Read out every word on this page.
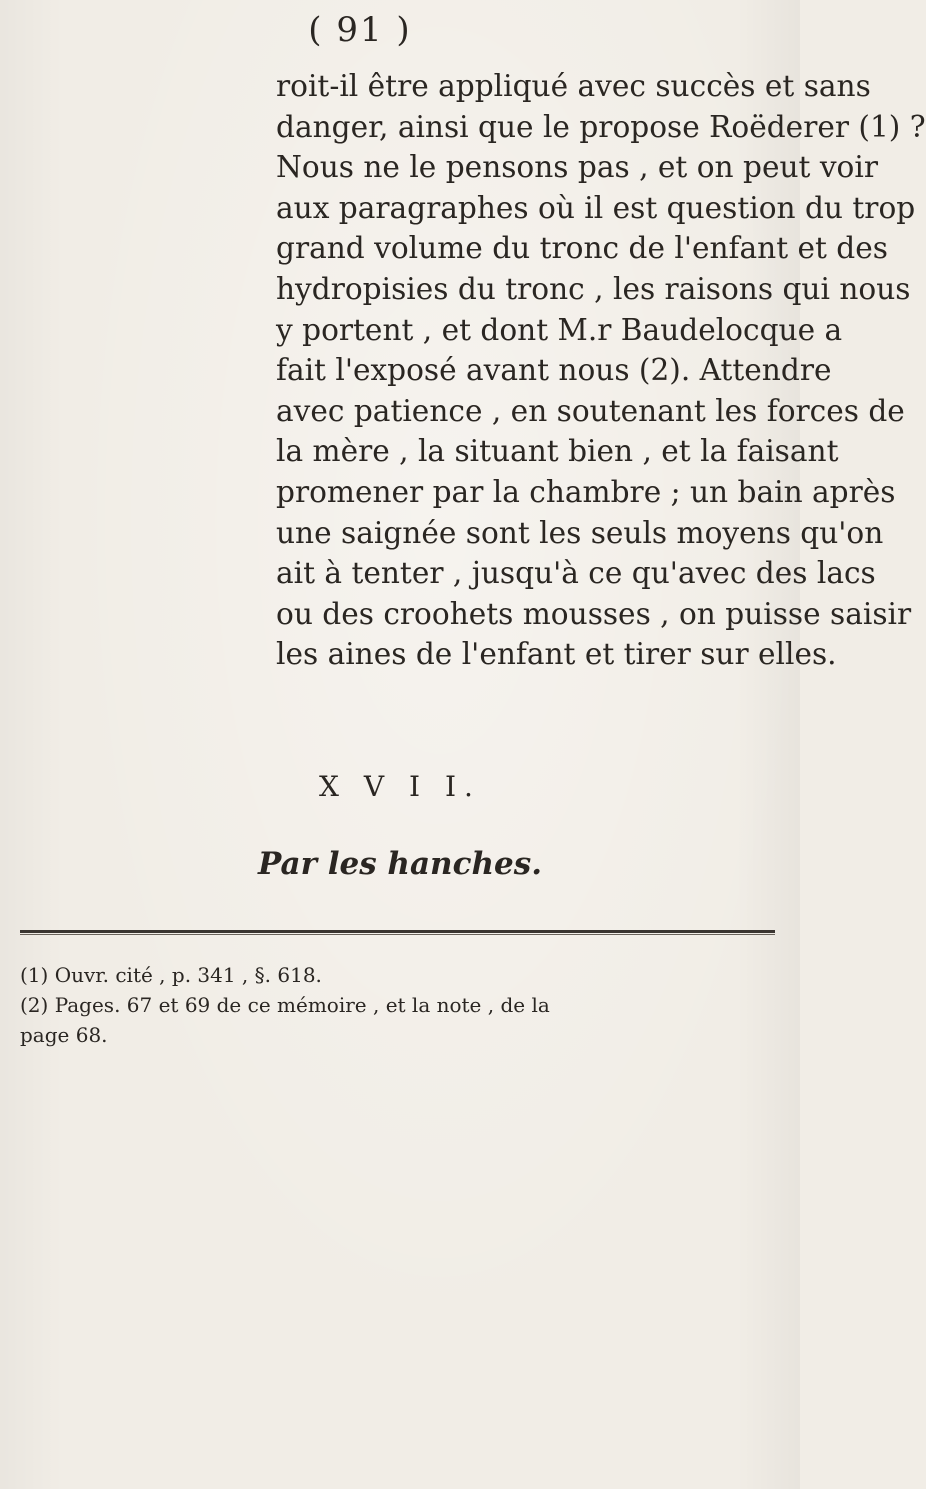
( 91 )
roit-il être appliqué avec succès et sans
danger, ainsi que le propose Roëderer (1) ?
Nous ne le pensons pas , et on peut voir
aux paragraphes où il est question du trop
grand volume du tronc de l'enfant et des
hydropisies du tronc , les raisons qui nous
y portent , et dont M.r Baudelocque a
fait l'exposé avant nous (2). Attendre
avec patience , en soutenant les forces de
la mère , la situant bien , et la faisant
promener par la chambre ; un bain après
une saignée sont les seuls moyens qu'on
ait à tenter , jusqu'à ce qu'avec des lacs
ou des croohets mousses , on puisse saisir
les aines de l'enfant et tirer sur elles.
X V I I.
Par les hanches.
(1) Ouvr. cité , p. 341 , §. 618.
(2) Pages. 67 et 69 de ce mémoire , et la note , de la
page 68.
